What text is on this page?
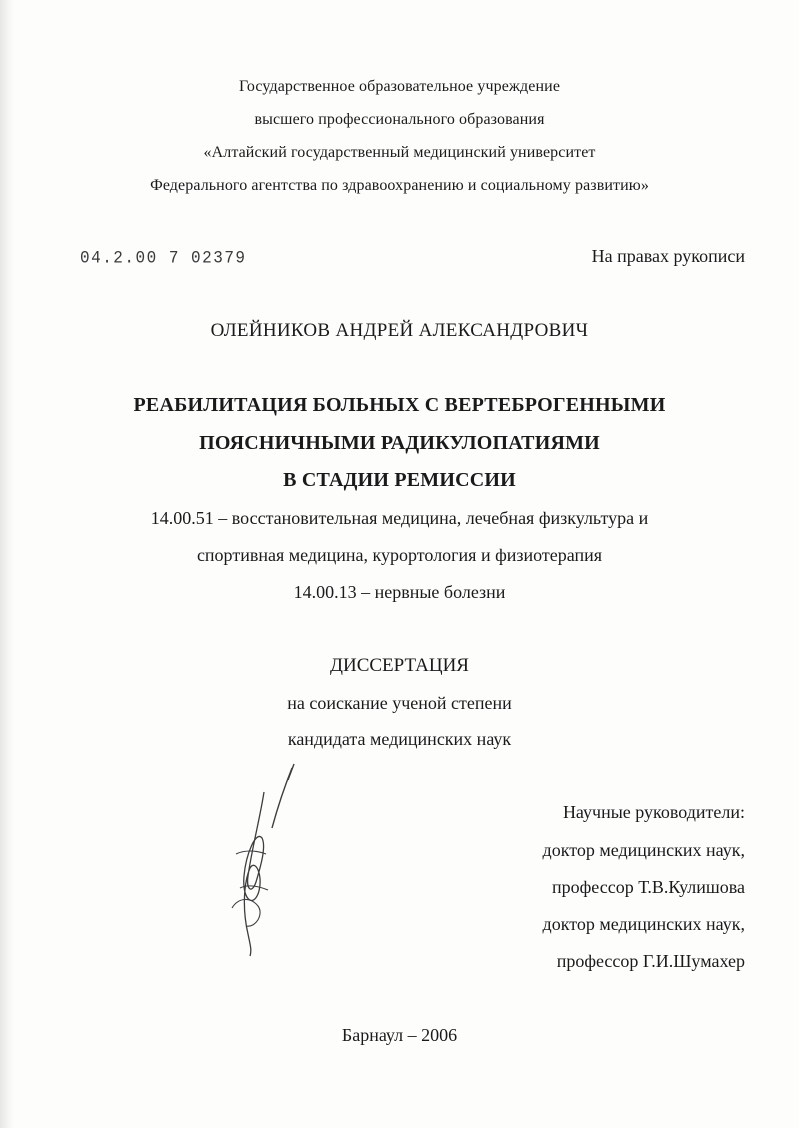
Государственное образовательное учреждение
высшего профессионального образования
«Алтайский государственный медицинский университет
Федерального агентства по здравоохранению и социальному развитию»
04.2.00 7 02379	На правах рукописи
ОЛЕЙНИКОВ АНДРЕЙ АЛЕКСАНДРОВИЧ
РЕАБИЛИТАЦИЯ БОЛЬНЫХ С ВЕРТЕБРОГЕННЫМИ
ПОЯСНИЧНЫМИ РАДИКУЛОПАТИЯМИ
В СТАДИИ РЕМИССИИ
14.00.51 – восстановительная медицина, лечебная физкультура и
спортивная медицина, курортология и физиотерапия
14.00.13 – нервные болезни
ДИССЕРТАЦИЯ
на соискание ученой степени
кандидата медицинских наук
Научные руководители:
доктор медицинских наук,
профессор Т.В.Кулишова
доктор медицинских наук,
профессор Г.И.Шумахер
Барнаул – 2006
